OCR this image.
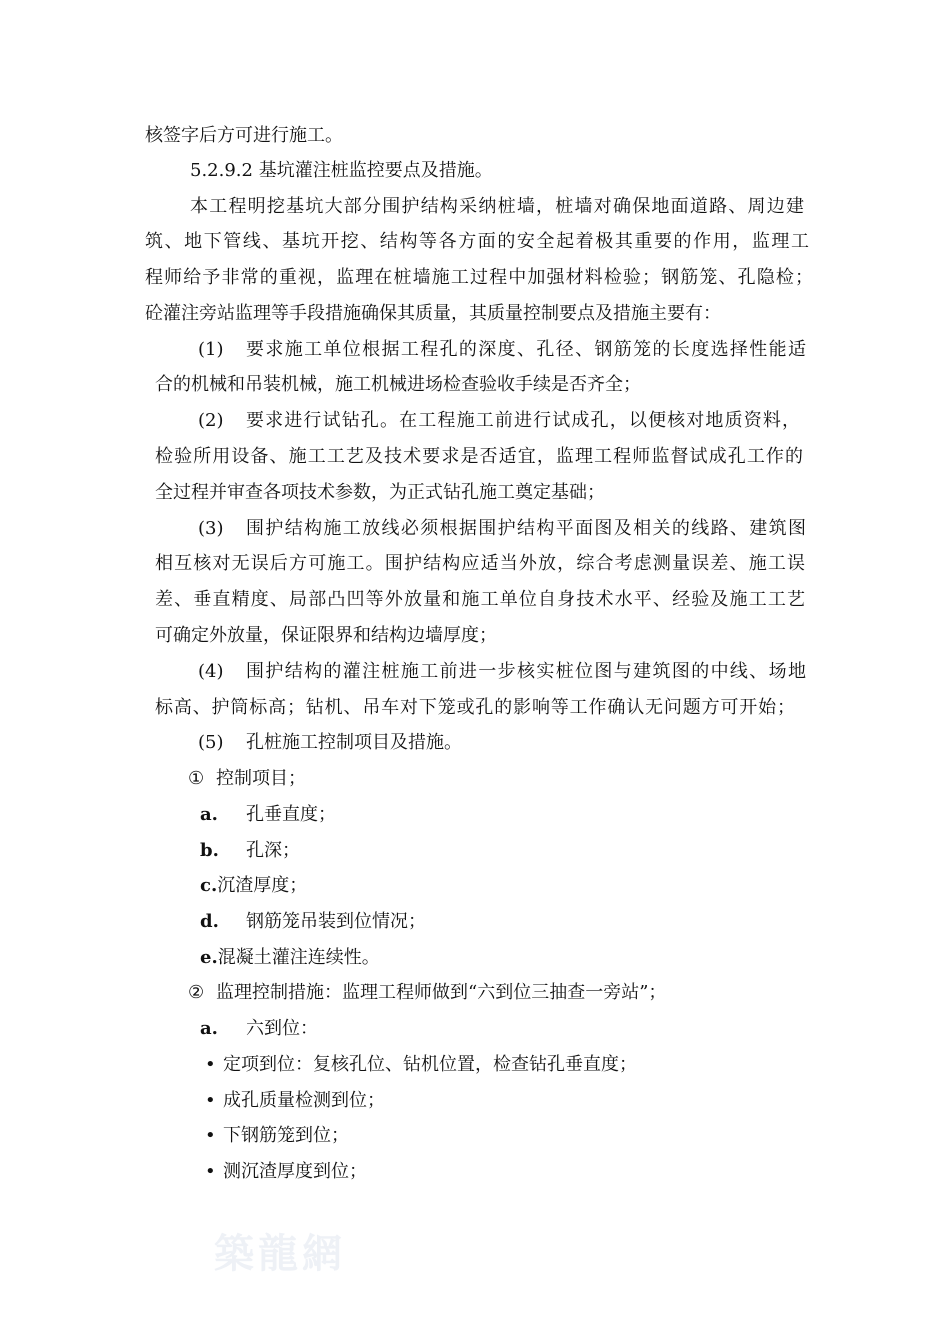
核签字后方可进行施工。
5.2.9.2 基坑灌注桩监控要点及措施。
本工程明挖基坑大部分围护结构采纳桩墙，桩墙对确保地面道路、周边建
筑、地下管线、基坑开挖、结构等各方面的安全起着极其重要的作用，监理工
程师给予非常的重视，监理在桩墙施工过程中加强材料检验；钢筋笼、孔隐检；
砼灌注旁站监理等手段措施确保其质量，其质量控制要点及措施主要有：
(1) 要求施工单位根据工程孔的深度、孔径、钢筋笼的长度选择性能适
合的机械和吊装机械，施工机械进场检查验收手续是否齐全；
(2) 要求进行试钻孔。在工程施工前进行试成孔，以便核对地质资料，
检验所用设备、施工工艺及技术要求是否适宜，监理工程师监督试成孔工作的
全过程并审查各项技术参数，为正式钻孔施工奠定基础；
(3) 围护结构施工放线必须根据围护结构平面图及相关的线路、建筑图
相互核对无误后方可施工。围护结构应适当外放，综合考虑测量误差、施工误
差、垂直精度、局部凸凹等外放量和施工单位自身技术水平、经验及施工工艺
可确定外放量，保证限界和结构边墙厚度；
(4) 围护结构的灌注桩施工前进一步核实桩位图与建筑图的中线、场地
标高、护筒标高；钻机、吊车对下笼或孔的影响等工作确认无问题方可开始；
(5) 孔桩施工控制项目及措施。
① 控制项目；
a.	孔垂直度；
b.	孔深；
c.沉渣厚度；
d.	钢筋笼吊装到位情况；
e.混凝土灌注连续性。
② 监理控制措施：监理工程师做到“六到位三抽查一旁站”；
a.	六到位：
• 定项到位：复核孔位、钻机位置，检查钻孔垂直度；
• 成孔质量检测到位；
• 下钢筋笼到位；
• 测沉渣厚度到位；
築龍網
